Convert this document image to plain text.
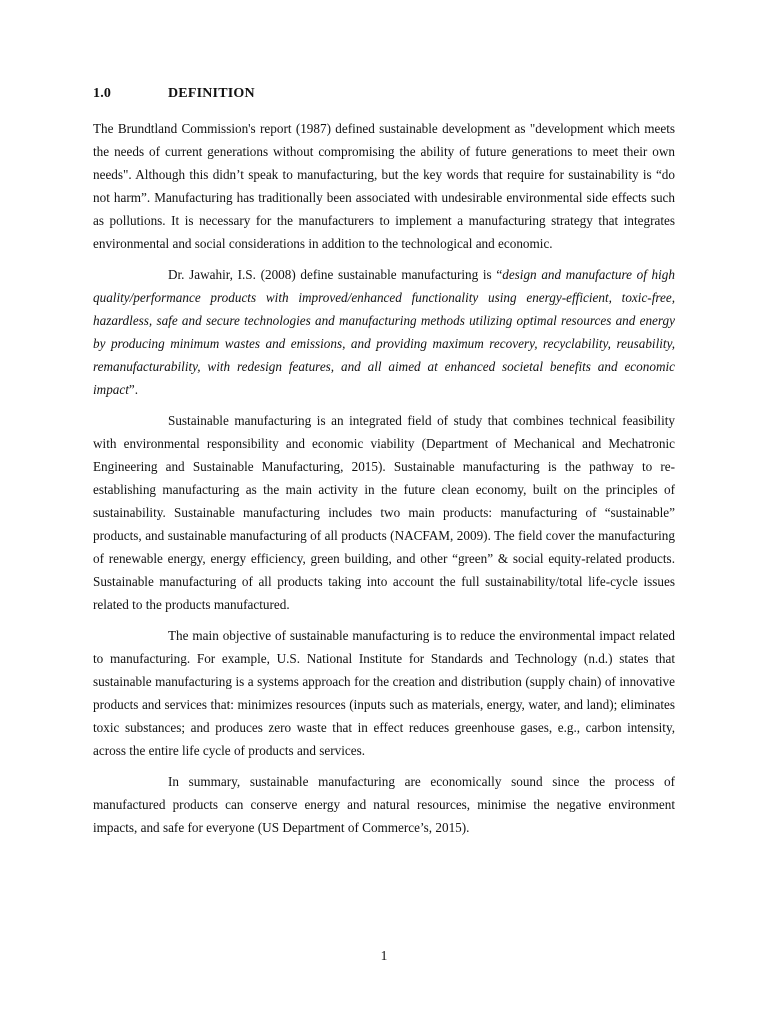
1.0	DEFINITION

The Brundtland Commission's report (1987) defined sustainable development as "development which meets the needs of current generations without compromising the ability of future generations to meet their own needs". Although this didn’t speak to manufacturing, but the key words that require for sustainability is “do not harm”. Manufacturing has traditionally been associated with undesirable environmental side effects such as pollutions. It is necessary for the manufacturers to implement a manufacturing strategy that integrates environmental and social considerations in addition to the technological and economic.

Dr. Jawahir, I.S. (2008) define sustainable manufacturing is “design and manufacture of high quality/performance products with improved/enhanced functionality using energy-efficient, toxic-free, hazardless, safe and secure technologies and manufacturing methods utilizing optimal resources and energy by producing minimum wastes and emissions, and providing maximum recovery, recyclability, reusability, remanufacturability, with redesign features, and all aimed at enhanced societal benefits and economic impact”.

Sustainable manufacturing is an integrated field of study that combines technical feasibility with environmental responsibility and economic viability (Department of Mechanical and Mechatronic Engineering and Sustainable Manufacturing, 2015). Sustainable manufacturing is the pathway to re-establishing manufacturing as the main activity in the future clean economy, built on the principles of sustainability. Sustainable manufacturing includes two main products: manufacturing of “sustainable” products, and sustainable manufacturing of all products (NACFAM, 2009). The field cover the manufacturing of renewable energy, energy efficiency, green building, and other “green” & social equity-related products. Sustainable manufacturing of all products taking into account the full sustainability/total life-cycle issues related to the products manufactured.

The main objective of sustainable manufacturing is to reduce the environmental impact related to manufacturing. For example, U.S. National Institute for Standards and Technology (n.d.) states that sustainable manufacturing is a systems approach for the creation and distribution (supply chain) of innovative products and services that: minimizes resources (inputs such as materials, energy, water, and land); eliminates toxic substances; and produces zero waste that in effect reduces greenhouse gases, e.g., carbon intensity, across the entire life cycle of products and services.

In summary, sustainable manufacturing are economically sound since the process of manufactured products can conserve energy and natural resources, minimise the negative environment impacts, and safe for everyone (US Department of Commerce’s, 2015).

1
